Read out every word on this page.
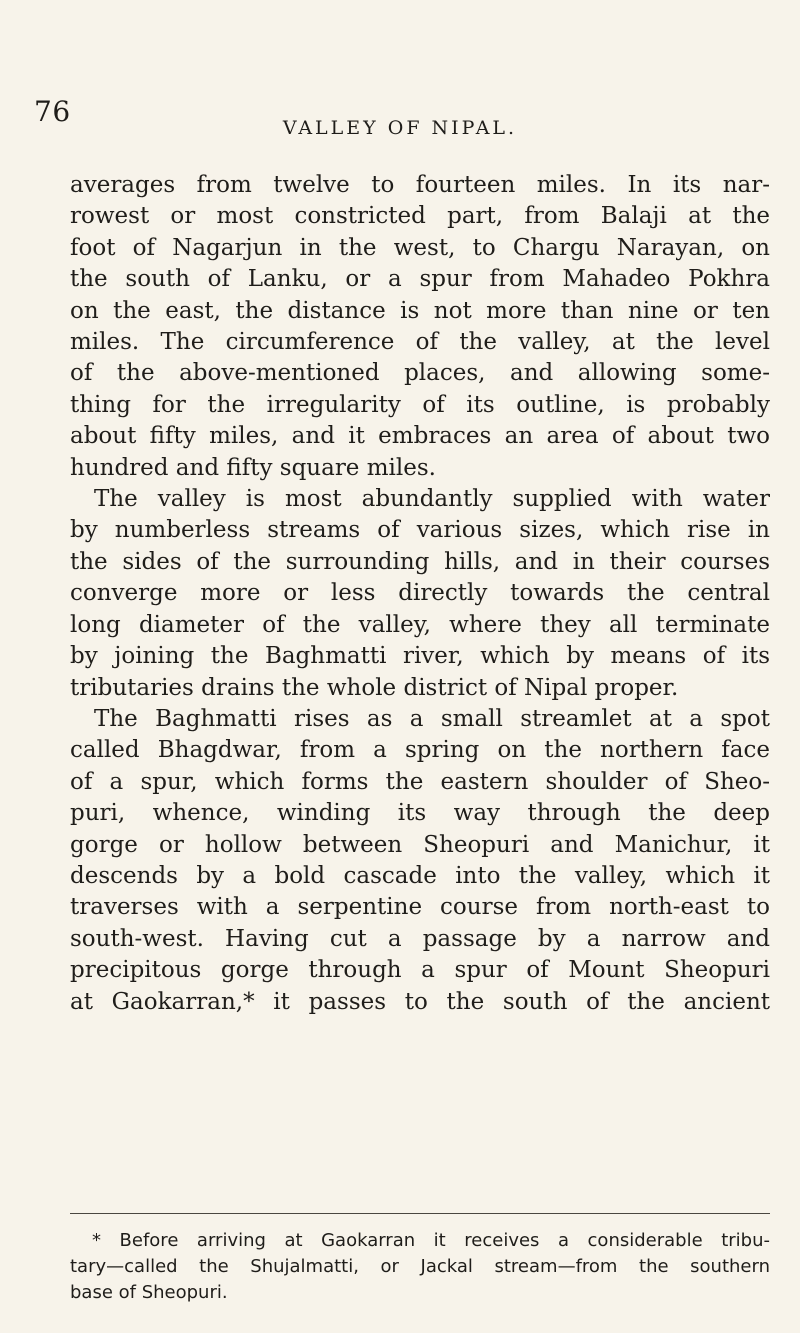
76	VALLEY OF NIPAL.
averages from twelve to fourteen miles. In its nar-
rowest or most constricted part, from Balaji at the
foot of Nagarjun in the west, to Chargu Narayan, on
the south of Lanku, or a spur from Mahadeo Pokhra
on the east, the distance is not more than nine or ten
miles. The circumference of the valley, at the level
of the above-mentioned places, and allowing some-
thing for the irregularity of its outline, is probably
about fifty miles, and it embraces an area of about two
hundred and fifty square miles.
The valley is most abundantly supplied with water
by numberless streams of various sizes, which rise in
the sides of the surrounding hills, and in their courses
converge more or less directly towards the central
long diameter of the valley, where they all terminate
by joining the Baghmatti river, which by means of its
tributaries drains the whole district of Nipal proper.
The Baghmatti rises as a small streamlet at a spot
called Bhagdwar, from a spring on the northern face
of a spur, which forms the eastern shoulder of Sheo-
puri, whence, winding its way through the deep
gorge or hollow between Sheopuri and Manichur, it
descends by a bold cascade into the valley, which it
traverses with a serpentine course from north-east to
south-west. Having cut a passage by a narrow and
precipitous gorge through a spur of Mount Sheopuri
at Gaokarran,* it passes to the south of the ancient
* Before arriving at Gaokarran it receives a considerable tribu-
tary—called the Shujalmatti, or Jackal stream—from the southern
base of Sheopuri.
